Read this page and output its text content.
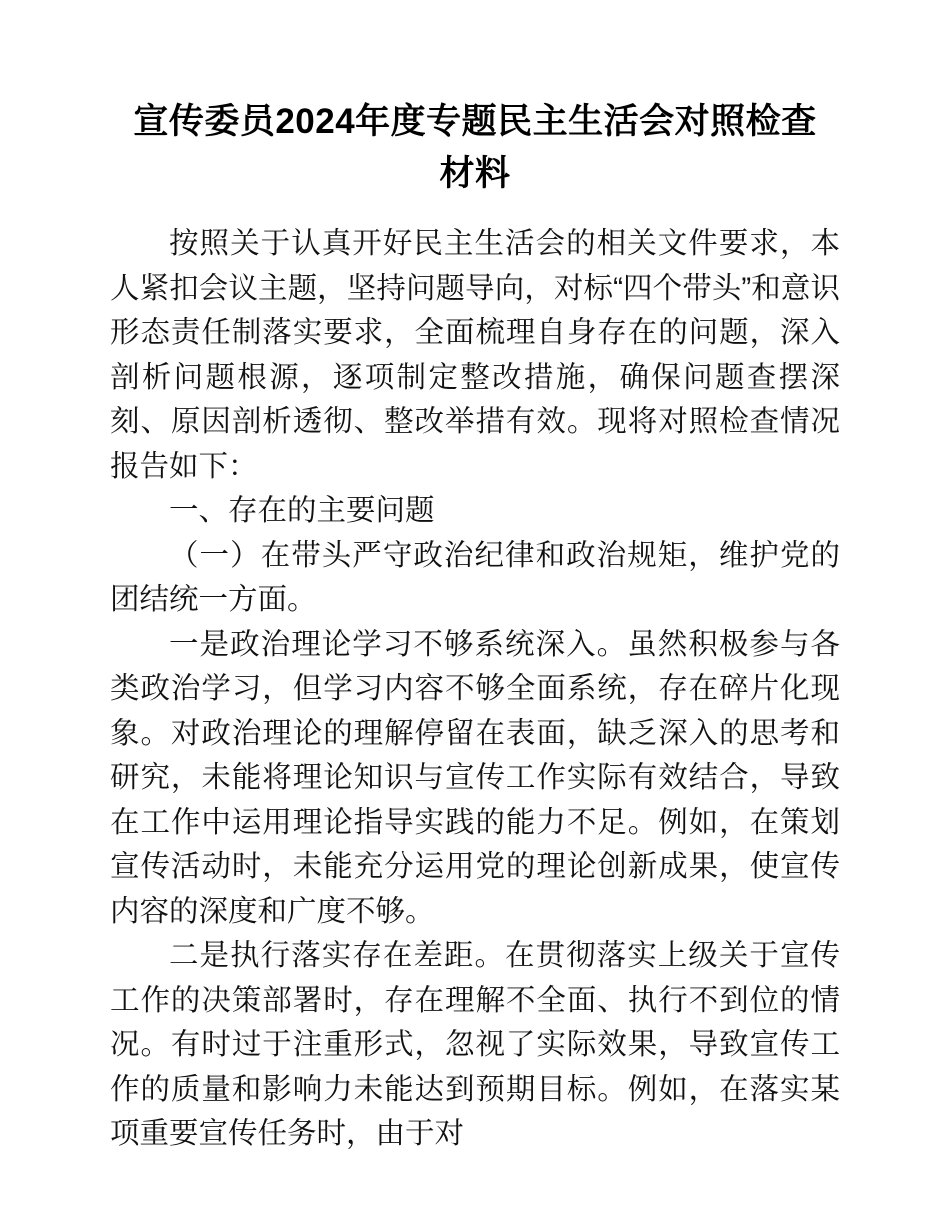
宣传委员2024年度专题民主生活会对照检查材料

按照关于认真开好民主生活会的相关文件要求，本人紧扣会议主题，坚持问题导向，对标“四个带头”和意识形态责任制落实要求，全面梳理自身存在的问题，深入剖析问题根源，逐项制定整改措施，确保问题查摆深刻、原因剖析透彻、整改举措有效。现将对照检查情况报告如下：

一、存在的主要问题

（一）在带头严守政治纪律和政治规矩，维护党的团结统一方面。

一是政治理论学习不够系统深入。虽然积极参与各类政治学习，但学习内容不够全面系统，存在碎片化现象。对政治理论的理解停留在表面，缺乏深入的思考和研究，未能将理论知识与宣传工作实际有效结合，导致在工作中运用理论指导实践的能力不足。例如，在策划宣传活动时，未能充分运用党的理论创新成果，使宣传内容的深度和广度不够。

二是执行落实存在差距。在贯彻落实上级关于宣传工作的决策部署时，存在理解不全面、执行不到位的情况。有时过于注重形式，忽视了实际效果，导致宣传工作的质量和影响力未能达到预期目标。例如，在落实某项重要宣传任务时，由于对
